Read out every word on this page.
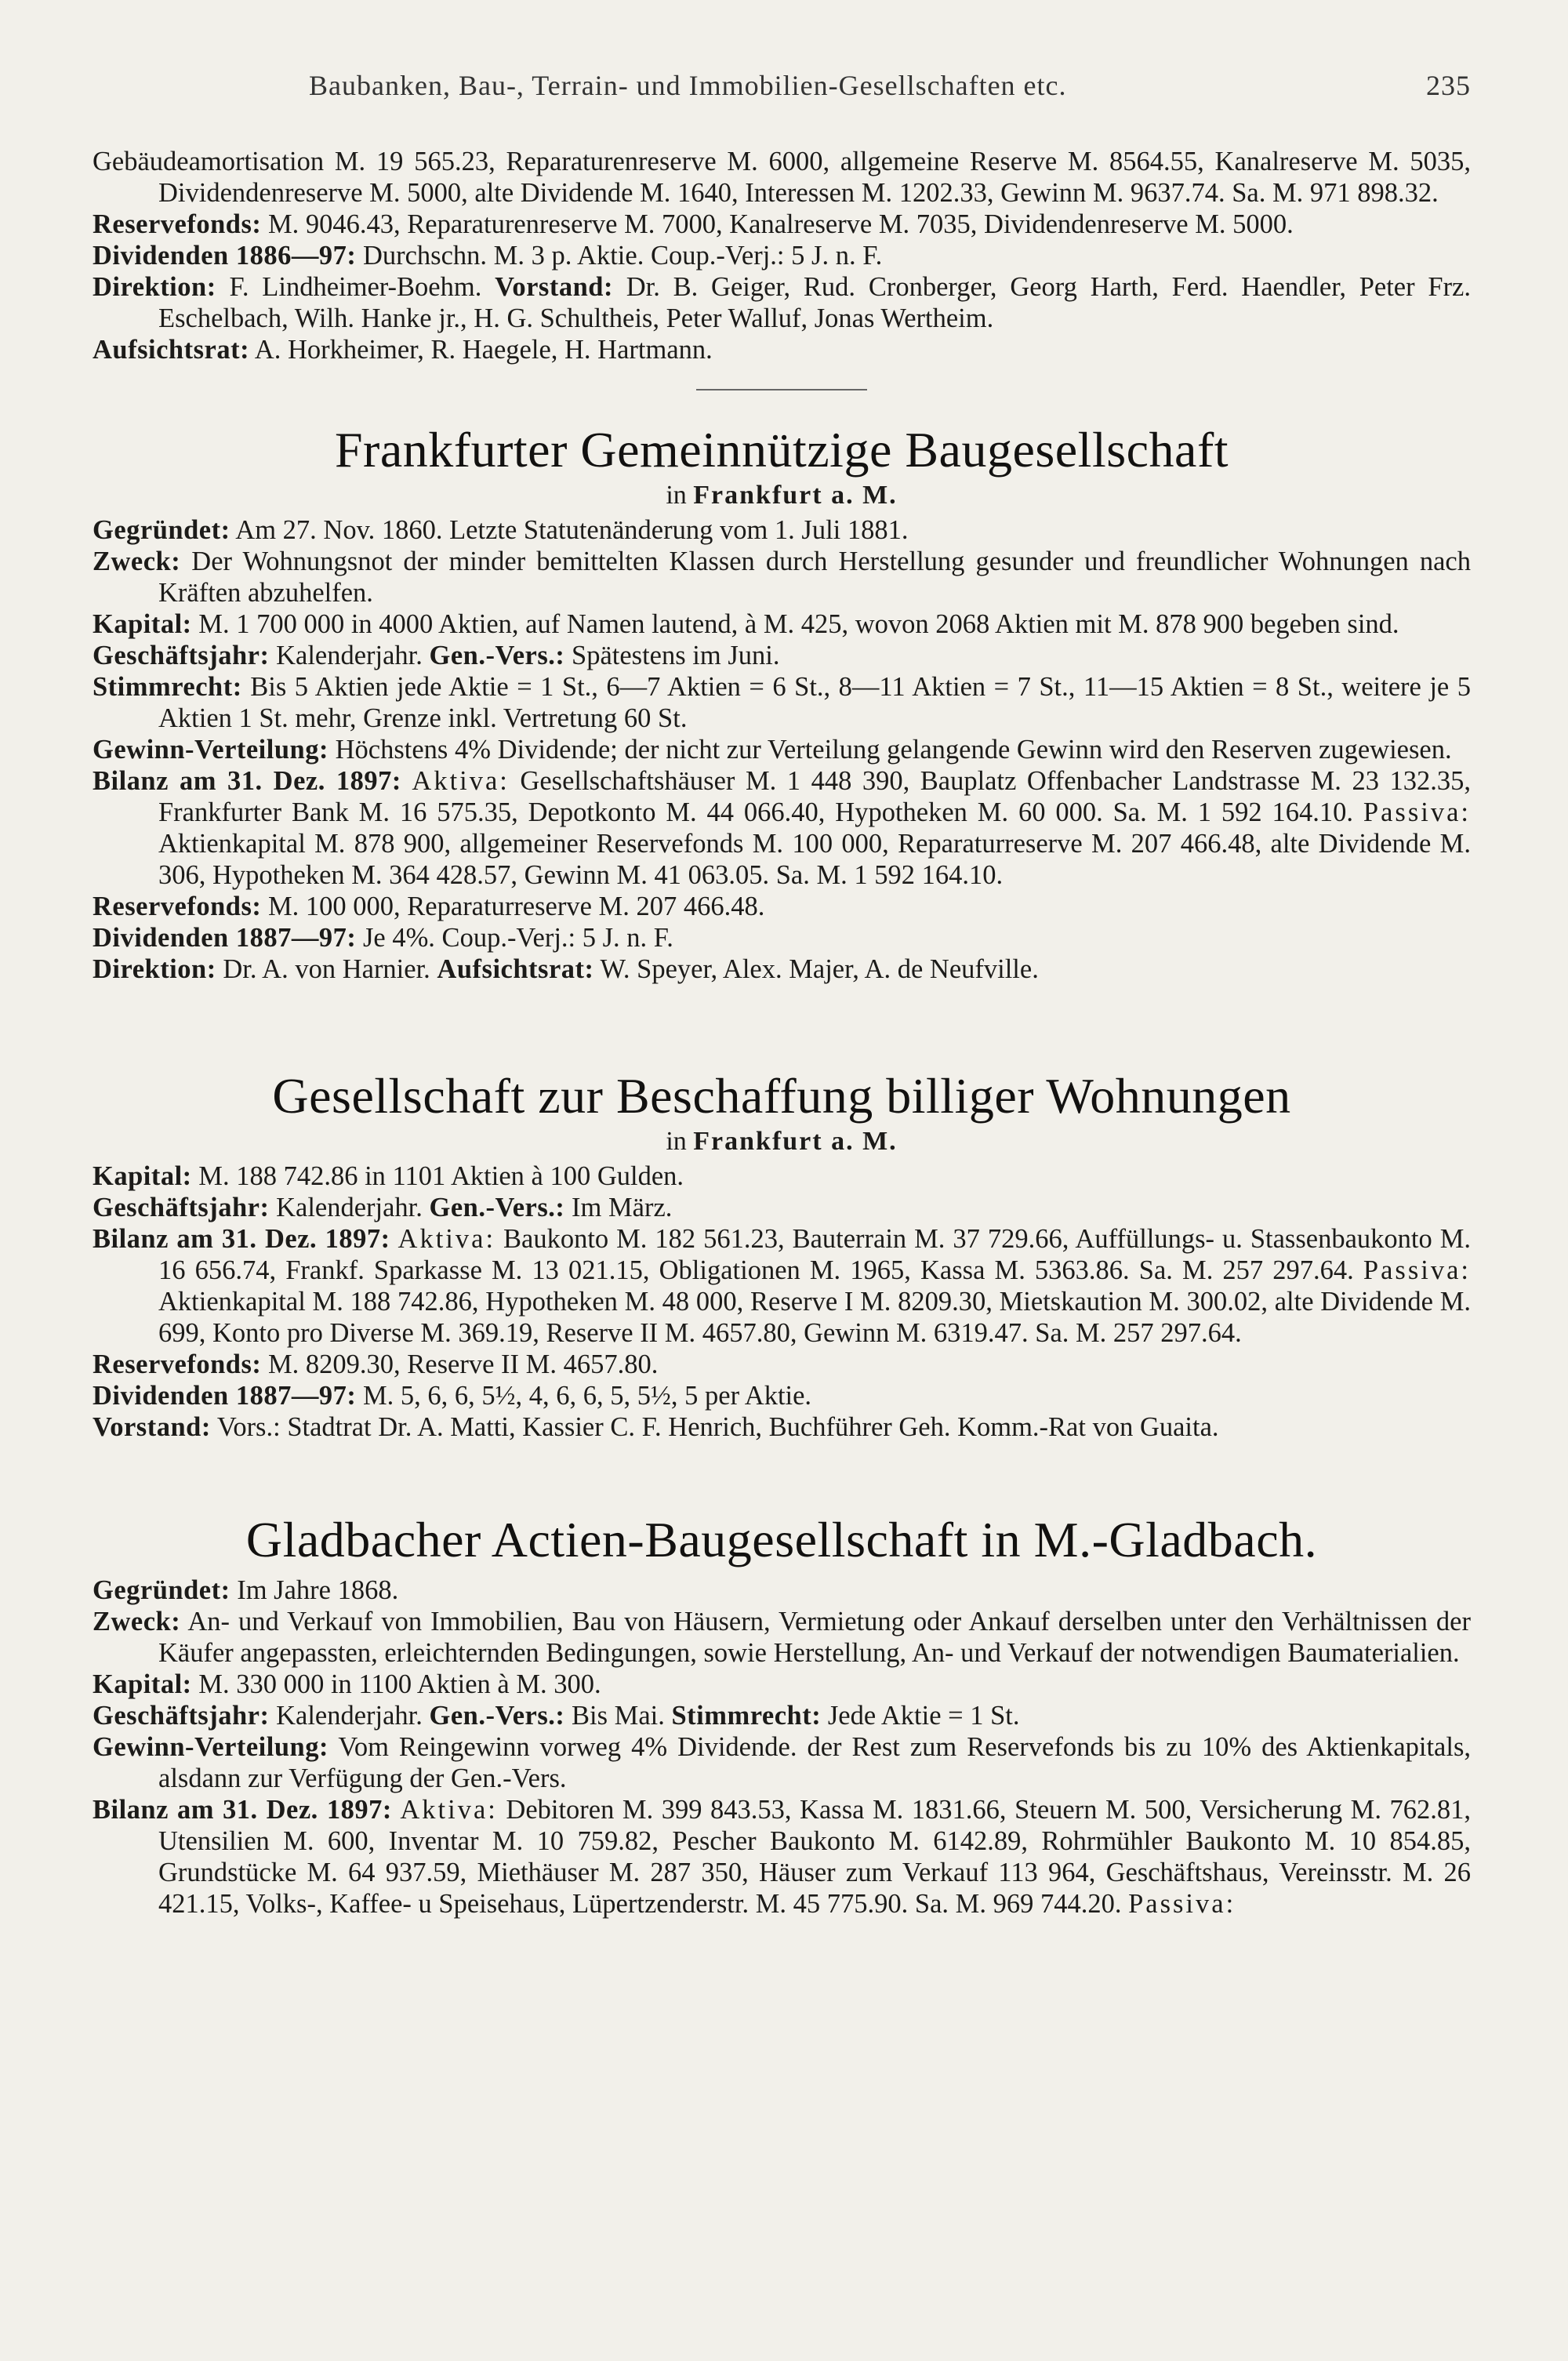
Baubanken, Bau-, Terrain- und Immobilien-Gesellschaften etc.	235

Gebäudeamortisation M. 19 565.23, Reparaturenreserve M. 6000, allgemeine Reserve M. 8564.55, Kanalreserve M. 5035, Dividendenreserve M. 5000, alte Dividende M. 1640, Interessen M. 1202.33, Gewinn M. 9637.74. Sa. M. 971 898.32.

Reservefonds: M. 9046.43, Reparaturenreserve M. 7000, Kanalreserve M. 7035, Dividendenreserve M. 5000.

Dividenden 1886—97: Durchschn. M. 3 p. Aktie. Coup.-Verj.: 5 J. n. F.

Direktion: F. Lindheimer-Boehm. Vorstand: Dr. B. Geiger, Rud. Cronberger, Georg Harth, Ferd. Haendler, Peter Frz. Eschelbach, Wilh. Hanke jr., H. G. Schultheis, Peter Walluf, Jonas Wertheim.

Aufsichtsrat: A. Horkheimer, R. Haegele, H. Hartmann.

Frankfurter Gemeinnützige Baugesellschaft

in Frankfurt a. M.

Gegründet: Am 27. Nov. 1860. Letzte Statutenänderung vom 1. Juli 1881.

Zweck: Der Wohnungsnot der minder bemittelten Klassen durch Herstellung gesunder und freundlicher Wohnungen nach Kräften abzuhelfen.

Kapital: M. 1 700 000 in 4000 Aktien, auf Namen lautend, à M. 425, wovon 2068 Aktien mit M. 878 900 begeben sind.

Geschäftsjahr: Kalenderjahr. Gen.-Vers.: Spätestens im Juni.

Stimmrecht: Bis 5 Aktien jede Aktie = 1 St., 6—7 Aktien = 6 St., 8—11 Aktien = 7 St., 11—15 Aktien = 8 St., weitere je 5 Aktien 1 St. mehr, Grenze inkl. Vertretung 60 St.

Gewinn-Verteilung: Höchstens 4% Dividende; der nicht zur Verteilung gelangende Gewinn wird den Reserven zugewiesen.

Bilanz am 31. Dez. 1897: Aktiva: Gesellschaftshäuser M. 1 448 390, Bauplatz Offenbacher Landstrasse M. 23 132.35, Frankfurter Bank M. 16 575.35, Depotkonto M. 44 066.40, Hypotheken M. 60 000. Sa. M. 1 592 164.10. Passiva: Aktienkapital M. 878 900, allgemeiner Reservefonds M. 100 000, Reparaturreserve M. 207 466.48, alte Dividende M. 306, Hypotheken M. 364 428.57, Gewinn M. 41 063.05. Sa. M. 1 592 164.10.

Reservefonds: M. 100 000, Reparaturreserve M. 207 466.48.

Dividenden 1887—97: Je 4%. Coup.-Verj.: 5 J. n. F.

Direktion: Dr. A. von Harnier. Aufsichtsrat: W. Speyer, Alex. Majer, A. de Neufville.

Gesellschaft zur Beschaffung billiger Wohnungen

in Frankfurt a. M.

Kapital: M. 188 742.86 in 1101 Aktien à 100 Gulden.

Geschäftsjahr: Kalenderjahr. Gen.-Vers.: Im März.

Bilanz am 31. Dez. 1897: Aktiva: Baukonto M. 182 561.23, Bauterrain M. 37 729.66, Auffüllungs- u. Stassenbaukonto M. 16 656.74, Frankf. Sparkasse M. 13 021.15, Obligationen M. 1965, Kassa M. 5363.86. Sa. M. 257 297.64. Passiva: Aktienkapital M. 188 742.86, Hypotheken M. 48 000, Reserve I M. 8209.30, Mietskaution M. 300.02, alte Dividende M. 699, Konto pro Diverse M. 369.19, Reserve II M. 4657.80, Gewinn M. 6319.47. Sa. M. 257 297.64.

Reservefonds: M. 8209.30, Reserve II M. 4657.80.

Dividenden 1887—97: M. 5, 6, 6, 5½, 4, 6, 6, 5, 5½, 5 per Aktie.

Vorstand: Vors.: Stadtrat Dr. A. Matti, Kassier C. F. Henrich, Buchführer Geh. Komm.-Rat von Guaita.

Gladbacher Actien-Baugesellschaft in M.-Gladbach.

Gegründet: Im Jahre 1868.

Zweck: An- und Verkauf von Immobilien, Bau von Häusern, Vermietung oder Ankauf derselben unter den Verhältnissen der Käufer angepassten, erleichternden Bedingungen, sowie Herstellung, An- und Verkauf der notwendigen Baumaterialien.

Kapital: M. 330 000 in 1100 Aktien à M. 300.

Geschäftsjahr: Kalenderjahr. Gen.-Vers.: Bis Mai. Stimmrecht: Jede Aktie = 1 St.

Gewinn-Verteilung: Vom Reingewinn vorweg 4% Dividende. der Rest zum Reservefonds bis zu 10% des Aktienkapitals, alsdann zur Verfügung der Gen.-Vers.

Bilanz am 31. Dez. 1897: Aktiva: Debitoren M. 399 843.53, Kassa M. 1831.66, Steuern M. 500, Versicherung M. 762.81, Utensilien M. 600, Inventar M. 10 759.82, Pescher Baukonto M. 6142.89, Rohrmühler Baukonto M. 10 854.85, Grundstücke M. 64 937.59, Miethäuser M. 287 350, Häuser zum Verkauf 113 964, Geschäftshaus, Vereinsstr. M. 26 421.15, Volks-, Kaffee- u Speisehaus, Lüpertzenderstr. M. 45 775.90. Sa. M. 969 744.20. Passiva:
